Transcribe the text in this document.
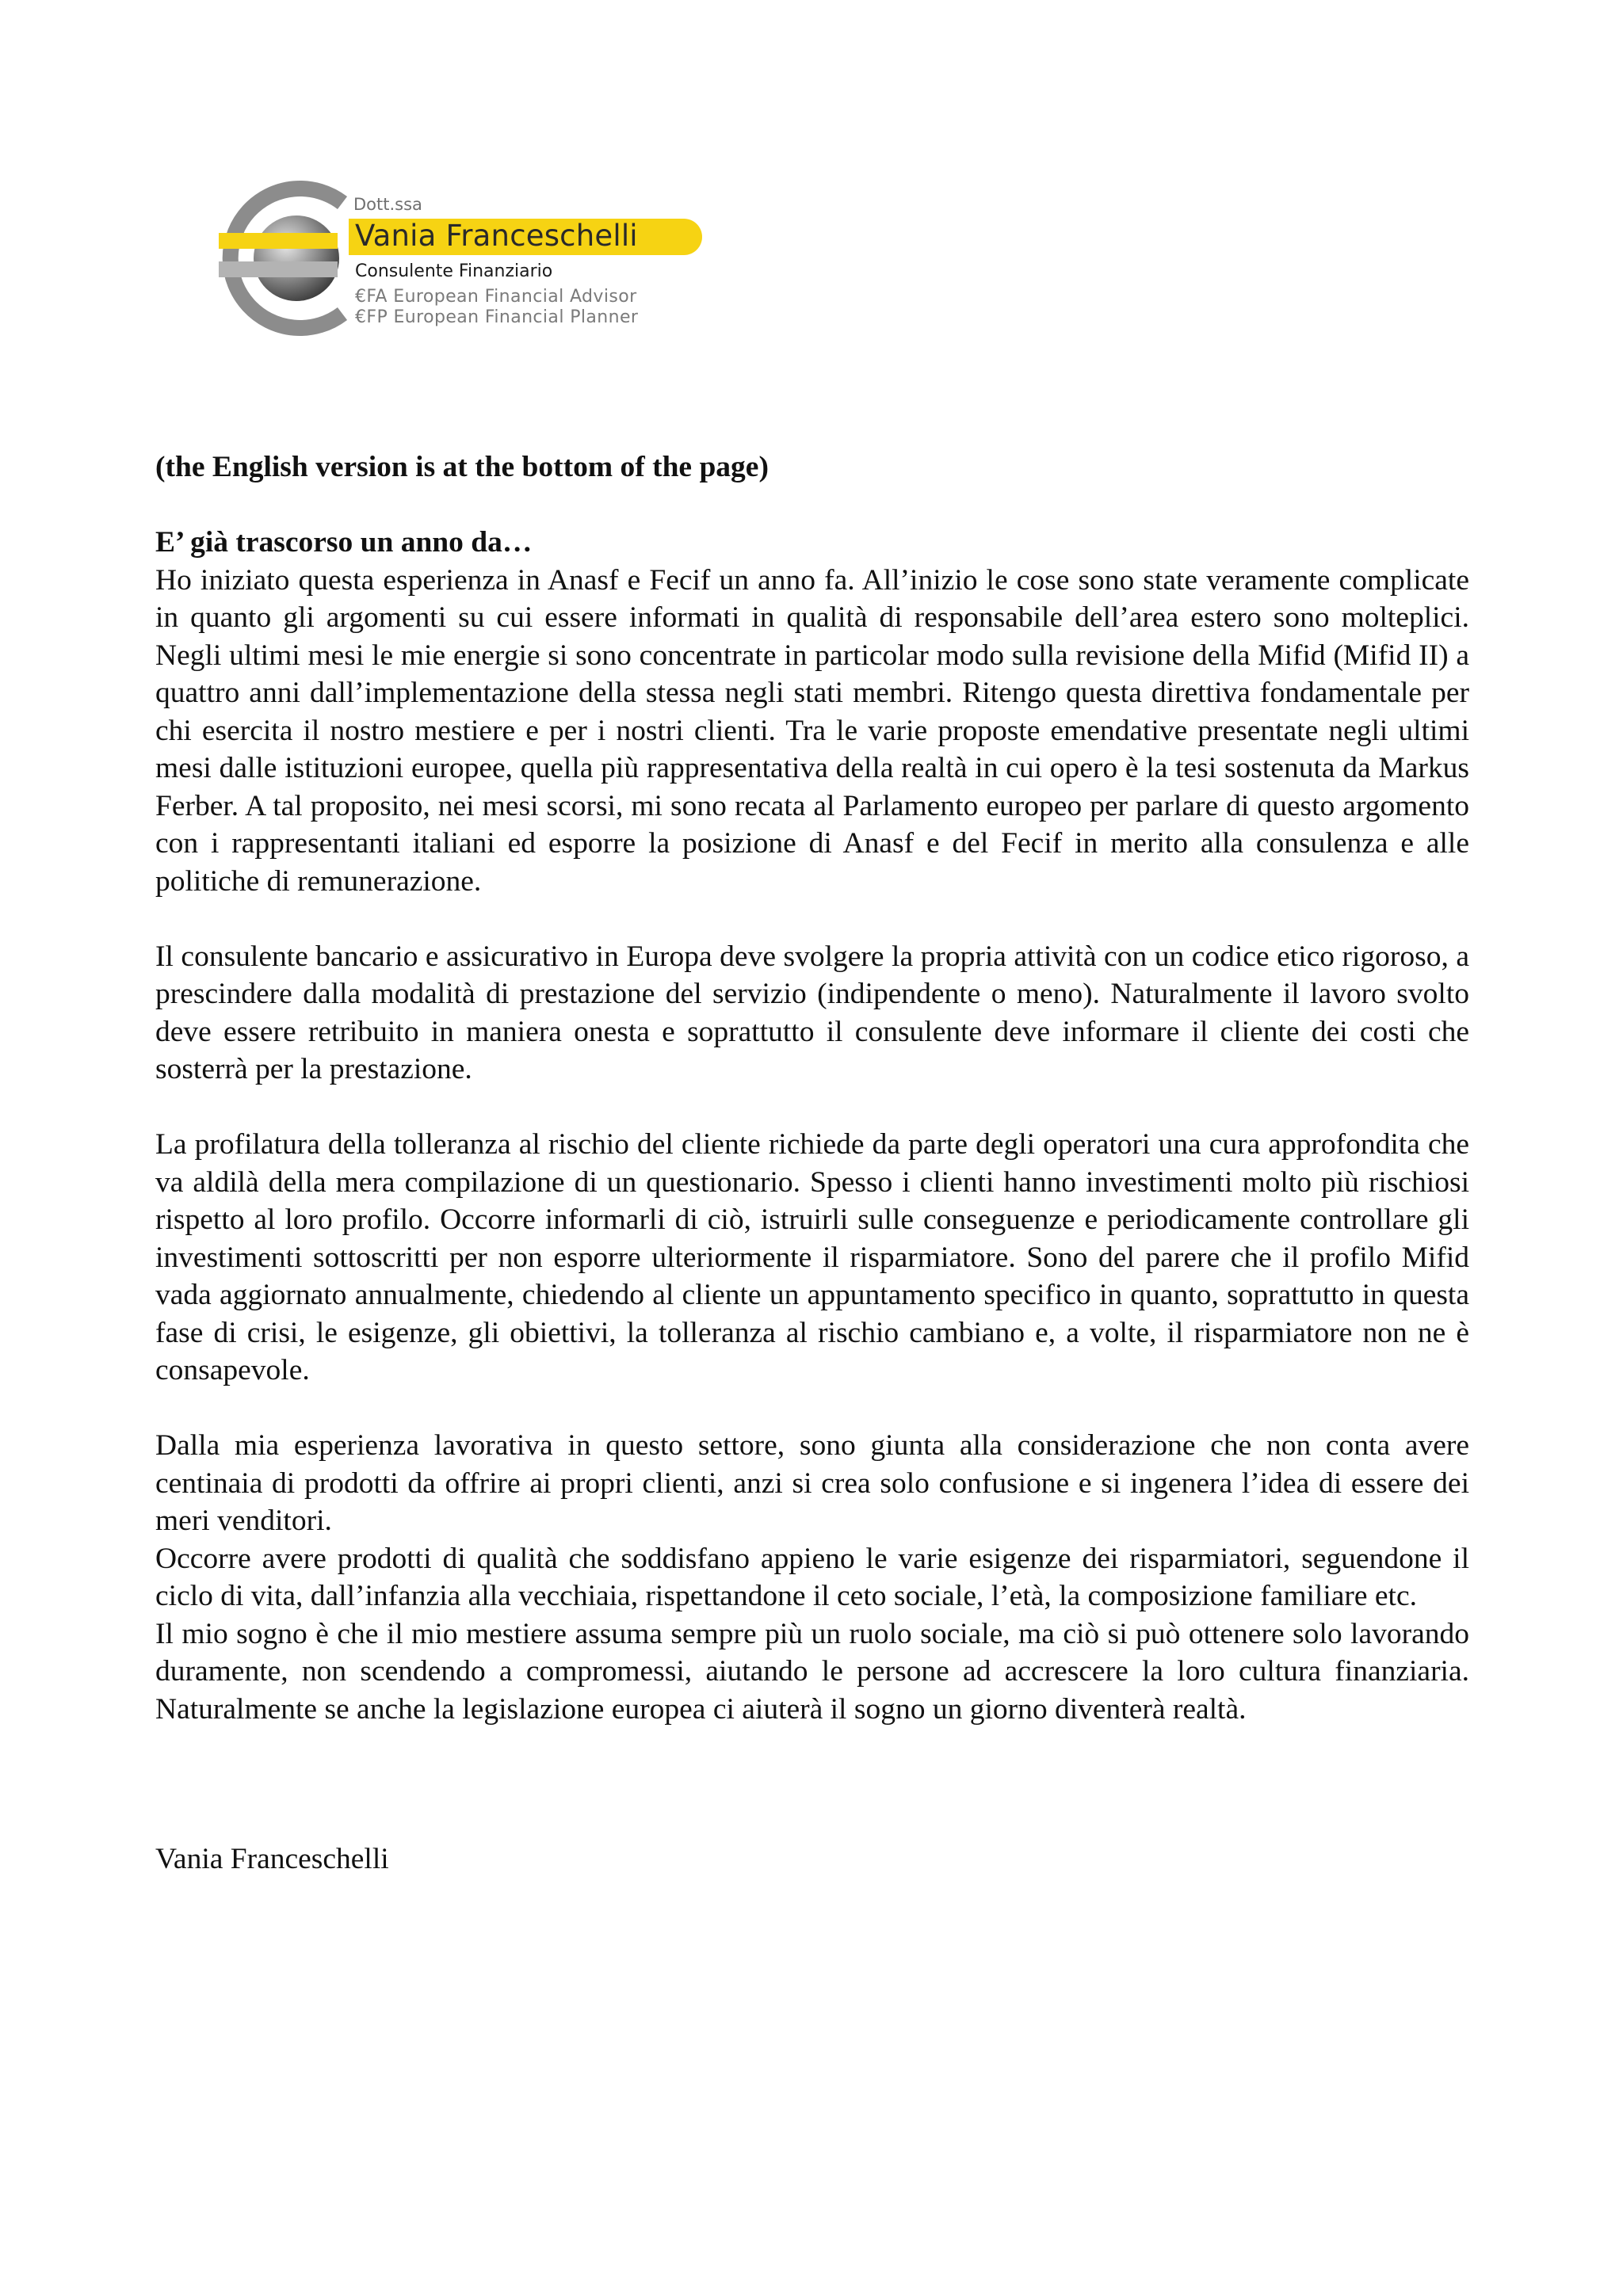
Dott.ssa
Vania Franceschelli
Consulente Finanziario
€FA European Financial Advisor
€FP European Financial Planner

(the English version is at the bottom of the page)

E’ già trascorso un anno da…

Ho iniziato questa esperienza in Anasf e Fecif un anno fa. All’inizio le cose sono state veramente complicate in quanto gli argomenti su cui essere informati in qualità di responsabile dell’area estero sono molteplici. Negli ultimi mesi le mie energie si sono concentrate in particolar modo sulla revisione della Mifid (Mifid II) a quattro anni dall’implementazione della stessa negli stati membri. Ritengo questa direttiva fondamentale per chi esercita il nostro mestiere e per i nostri clienti. Tra le varie proposte emendative presentate negli ultimi mesi dalle istituzioni europee, quella più rappresentativa della realtà in cui opero è la tesi sostenuta da Markus Ferber. A tal proposito, nei mesi scorsi, mi sono recata al Parlamento europeo per parlare di questo argomento con i rappresentanti italiani ed esporre la posizione di Anasf e del Fecif in merito alla consulenza e alle politiche di remunerazione.

Il consulente bancario e assicurativo in Europa deve svolgere la propria attività con un codice etico rigoroso, a prescindere dalla modalità di prestazione del servizio (indipendente o meno). Naturalmente il lavoro svolto deve essere retribuito in maniera onesta e soprattutto il consulente deve informare il cliente dei costi che sosterrà per la prestazione.

La profilatura della tolleranza al rischio del cliente richiede da parte degli operatori una cura approfondita che va aldilà della mera compilazione di un questionario. Spesso i clienti hanno investimenti molto più rischiosi rispetto al loro profilo. Occorre informarli di ciò, istruirli sulle conseguenze e periodicamente controllare gli investimenti sottoscritti per non esporre ulteriormente il risparmiatore. Sono del parere che il profilo Mifid vada aggiornato annualmente, chiedendo al cliente un appuntamento specifico in quanto, soprattutto in questa fase di crisi, le esigenze, gli obiettivi, la tolleranza al rischio cambiano e, a volte, il risparmiatore non ne è consapevole.

Dalla mia esperienza lavorativa in questo settore, sono giunta alla considerazione che non conta avere centinaia di prodotti da offrire ai propri clienti, anzi si crea solo confusione e si ingenera l’idea di essere dei meri venditori.

Occorre avere prodotti di qualità che soddisfano appieno le varie esigenze dei risparmiatori, seguendone il ciclo di vita, dall’infanzia alla vecchiaia, rispettandone il ceto sociale, l’età, la composizione familiare etc.

Il mio sogno è che il mio mestiere assuma sempre più un ruolo sociale, ma ciò si può ottenere solo lavorando duramente, non scendendo a compromessi, aiutando le persone ad accrescere la loro cultura finanziaria. Naturalmente se anche la legislazione europea ci aiuterà il sogno un giorno diventerà realtà.

Vania Franceschelli
